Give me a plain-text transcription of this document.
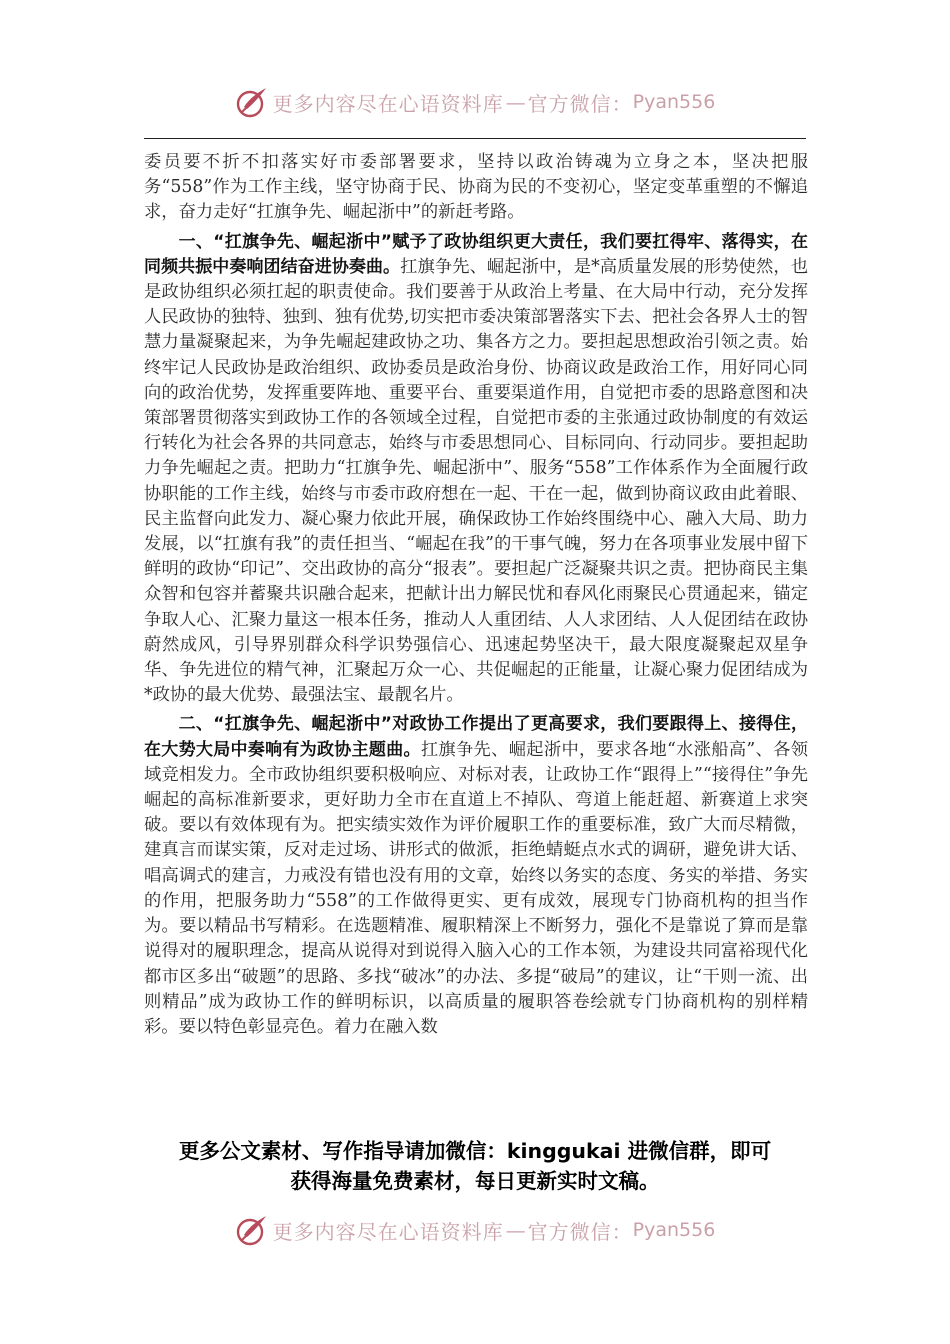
更多内容尽在心语资料库 — 官方微信： Pyan556

委员要不折不扣落实好市委部署要求，坚持以政治铸魂为立身之本，坚决把服务“558”作为工作主线，坚守协商于民、协商为民的不变初心，坚定变革重塑的不懈追求，奋力走好“扛旗争先、崛起浙中”的新赶考路。

一、“扛旗争先、崛起浙中”赋予了政协组织更大责任，我们要扛得牢、落得实，在同频共振中奏响团结奋进协奏曲。扛旗争先、崛起浙中，是*高质量发展的形势使然，也是政协组织必须扛起的职责使命。我们要善于从政治上考量、在大局中行动，充分发挥人民政协的独特、独到、独有优势,切实把市委决策部署落实下去、把社会各界人士的智慧力量凝聚起来，为争先崛起建政协之功、集各方之力。要担起思想政治引领之责。始终牢记人民政协是政治组织、政协委员是政治身份、协商议政是政治工作，用好同心同向的政治优势，发挥重要阵地、重要平台、重要渠道作用，自觉把市委的思路意图和决策部署贯彻落实到政协工作的各领域全过程，自觉把市委的主张通过政协制度的有效运行转化为社会各界的共同意志，始终与市委思想同心、目标同向、行动同步。要担起助力争先崛起之责。把助力“扛旗争先、崛起浙中”、服务“558”工作体系作为全面履行政协职能的工作主线，始终与市委市政府想在一起、干在一起，做到协商议政由此着眼、民主监督向此发力、凝心聚力依此开展，确保政协工作始终围绕中心、融入大局、助力发展，以“扛旗有我”的责任担当、“崛起在我”的干事气魄，努力在各项事业发展中留下鲜明的政协“印记”、交出政协的高分“报表”。要担起广泛凝聚共识之责。把协商民主集众智和包容并蓄聚共识融合起来，把献计出力解民忧和春风化雨聚民心贯通起来，锚定争取人心、汇聚力量这一根本任务，推动人人重团结、人人求团结、人人促团结在政协蔚然成风，引导界别群众科学识势强信心、迅速起势坚决干，最大限度凝聚起双星争华、争先进位的精气神，汇聚起万众一心、共促崛起的正能量，让凝心聚力促团结成为*政协的最大优势、最强法宝、最靓名片。

二、“扛旗争先、崛起浙中”对政协工作提出了更高要求，我们要跟得上、接得住，在大势大局中奏响有为政协主题曲。扛旗争先、崛起浙中，要求各地“水涨船高”、各领域竞相发力。全市政协组织要积极响应、对标对表，让政协工作“跟得上”“接得住”争先崛起的高标准新要求，更好助力全市在直道上不掉队、弯道上能赶超、新赛道上求突破。要以有效体现有为。把实绩实效作为评价履职工作的重要标准，致广大而尽精微，建真言而谋实策，反对走过场、讲形式的做派，拒绝蜻蜓点水式的调研，避免讲大话、唱高调式的建言，力戒没有错也没有用的文章，始终以务实的态度、务实的举措、务实的作用，把服务助力“558”的工作做得更实、更有成效，展现专门协商机构的担当作为。要以精品书写精彩。在选题精准、履职精深上不断努力，强化不是靠说了算而是靠说得对的履职理念，提高从说得对到说得入脑入心的工作本领，为建设共同富裕现代化都市区多出“破题”的思路、多找“破冰”的办法、多提“破局”的建议，让“干则一流、出则精品”成为政协工作的鲜明标识，以高质量的履职答卷绘就专门协商机构的别样精彩。要以特色彰显亮色。着力在融入数

更多公文素材、写作指导请加微信：kinggukai 进微信群，即可
获得海量免费素材，每日更新实时文稿。
更多内容尽在心语资料库 — 官方微信： Pyan556
